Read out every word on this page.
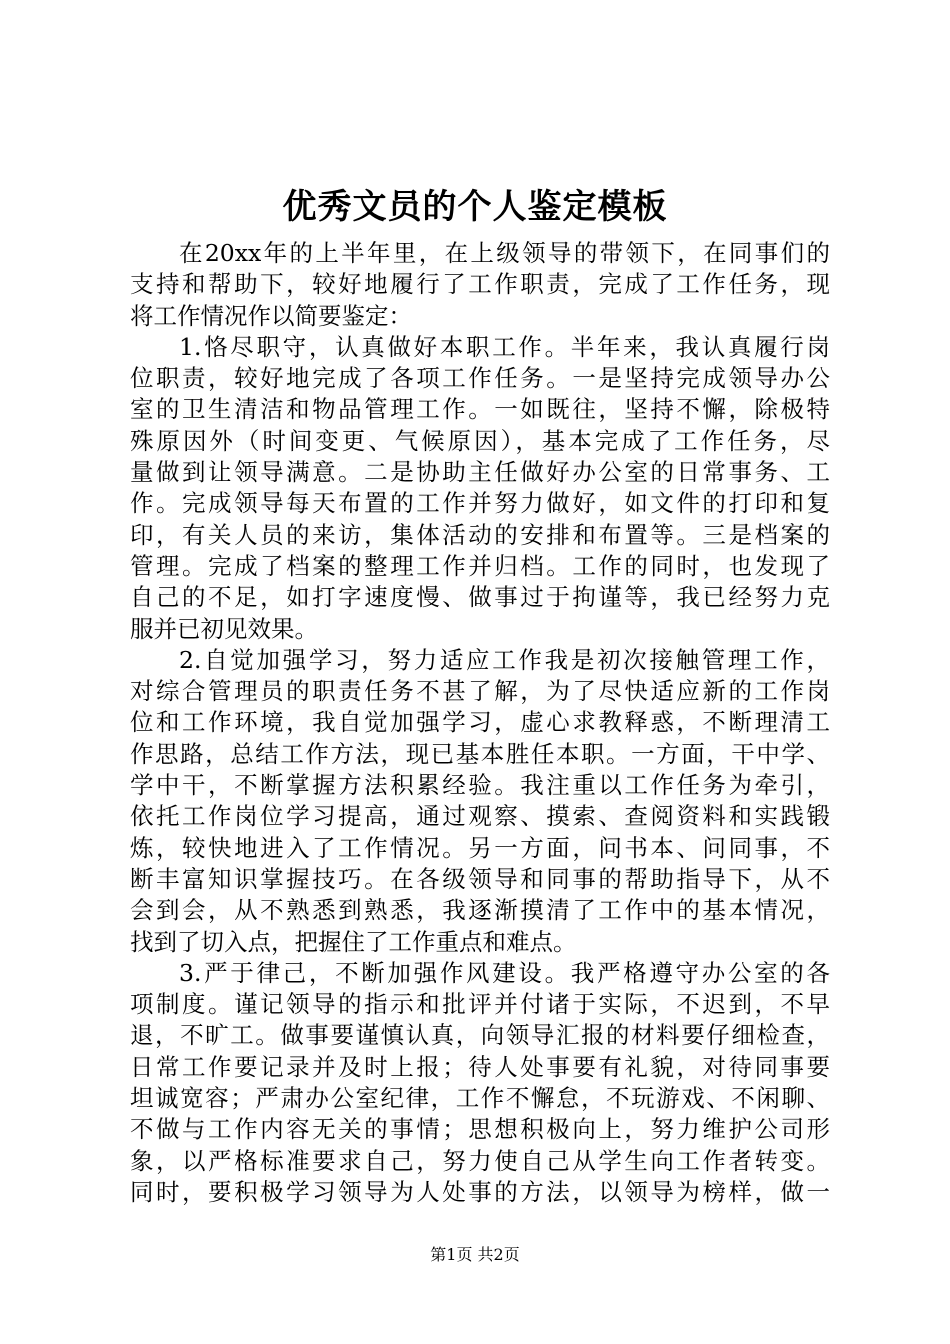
优秀文员的个人鉴定模板
在20xx年的上半年里，在上级领导的带领下，在同事们的
支持和帮助下，较好地履行了工作职责，完成了工作任务，现
将工作情况作以简要鉴定：
1.恪尽职守，认真做好本职工作。半年来，我认真履行岗
位职责，较好地完成了各项工作任务。一是坚持完成领导办公
室的卫生清洁和物品管理工作。一如既往，坚持不懈，除极特
殊原因外（时间变更、气候原因），基本完成了工作任务，尽
量做到让领导满意。二是协助主任做好办公室的日常事务、工
作。完成领导每天布置的工作并努力做好，如文件的打印和复
印，有关人员的来访，集体活动的安排和布置等。三是档案的
管理。完成了档案的整理工作并归档。工作的同时，也发现了
自己的不足，如打字速度慢、做事过于拘谨等，我已经努力克
服并已初见效果。
2.自觉加强学习，努力适应工作我是初次接触管理工作，
对综合管理员的职责任务不甚了解，为了尽快适应新的工作岗
位和工作环境，我自觉加强学习，虚心求教释惑，不断理清工
作思路，总结工作方法，现已基本胜任本职。一方面，干中学、
学中干，不断掌握方法积累经验。我注重以工作任务为牵引，
依托工作岗位学习提高，通过观察、摸索、查阅资料和实践锻
炼，较快地进入了工作情况。另一方面，问书本、问同事，不
断丰富知识掌握技巧。在各级领导和同事的帮助指导下，从不
会到会，从不熟悉到熟悉，我逐渐摸清了工作中的基本情况，
找到了切入点，把握住了工作重点和难点。
3.严于律己，不断加强作风建设。我严格遵守办公室的各
项制度。谨记领导的指示和批评并付诸于实际，不迟到，不早
退，不旷工。做事要谨慎认真，向领导汇报的材料要仔细检查，
日常工作要记录并及时上报；待人处事要有礼貌，对待同事要
坦诚宽容；严肃办公室纪律，工作不懈怠，不玩游戏、不闲聊、
不做与工作内容无关的事情；思想积极向上，努力维护公司形
象，以严格标准要求自己，努力使自己从学生向工作者转变。
同时，要积极学习领导为人处事的方法，以领导为榜样，做一
第1页 共2页
